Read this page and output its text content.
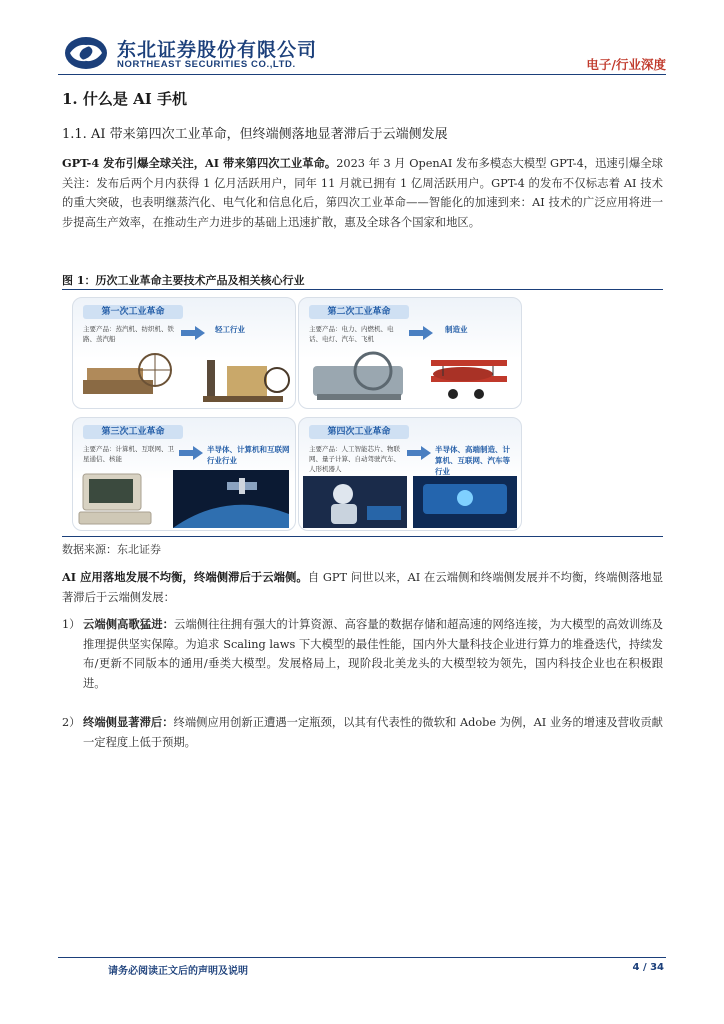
东北证券股份有限公司
NORTHEAST SECURITIES CO.,LTD.	电子/行业深度
1. 什么是 AI 手机
1.1. AI 带来第四次工业革命，但终端侧落地显著滞后于云端侧发展
GPT-4 发布引爆全球关注，AI 带来第四次工业革命。2023 年 3 月 OpenAI 发布多模态大模型 GPT-4，迅速引爆全球关注：发布后两个月内获得 1 亿月活跃用户，同年 11 月就已拥有 1 亿周活跃用户。GPT-4 的发布不仅标志着 AI 技术的重大突破，也表明继蒸汽化、电气化和信息化后，第四次工业革命——智能化的加速到来：AI 技术的广泛应用将进一步提高生产效率，在推动生产力进步的基础上迅速扩散，惠及全球各个国家和地区。
图 1：历次工业革命主要技术产品及相关核心行业
第一次工业革命
主要产品：蒸汽机、纺织机、铁路、蒸汽船
轻工行业
第二次工业革命
主要产品：电力、内燃机、电话、电灯、汽车、飞机
制造业
第三次工业革命
主要产品：计算机、互联网、卫星通信、核能
半导体、计算机和互联网行业行业
第四次工业革命
主要产品：人工智能芯片、物联网、量子计算、自动驾驶汽车、人形机器人
半导体、高端制造、计算机、互联网、汽车等行业
数据来源：东北证券
AI 应用落地发展不均衡，终端侧滞后于云端侧。自 GPT 问世以来，AI 在云端侧和终端侧发展并不均衡，终端侧落地显著滞后于云端侧发展：
1） 云端侧高歌猛进：云端侧往往拥有强大的计算资源、高容量的数据存储和超高速的网络连接，为大模型的高效训练及推理提供坚实保障。为追求 Scaling laws 下大模型的最佳性能，国内外大量科技企业进行算力的堆叠迭代，持续发布/更新不同版本的通用/垂类大模型。发展格局上，现阶段北美龙头的大模型较为领先，国内科技企业也在积极跟进。
2） 终端侧显著滞后：终端侧应用创新正遭遇一定瓶颈，以其有代表性的微软和 Adobe 为例，AI 业务的增速及营收贡献一定程度上低于预期。
请务必阅读正文后的声明及说明	4 / 34
